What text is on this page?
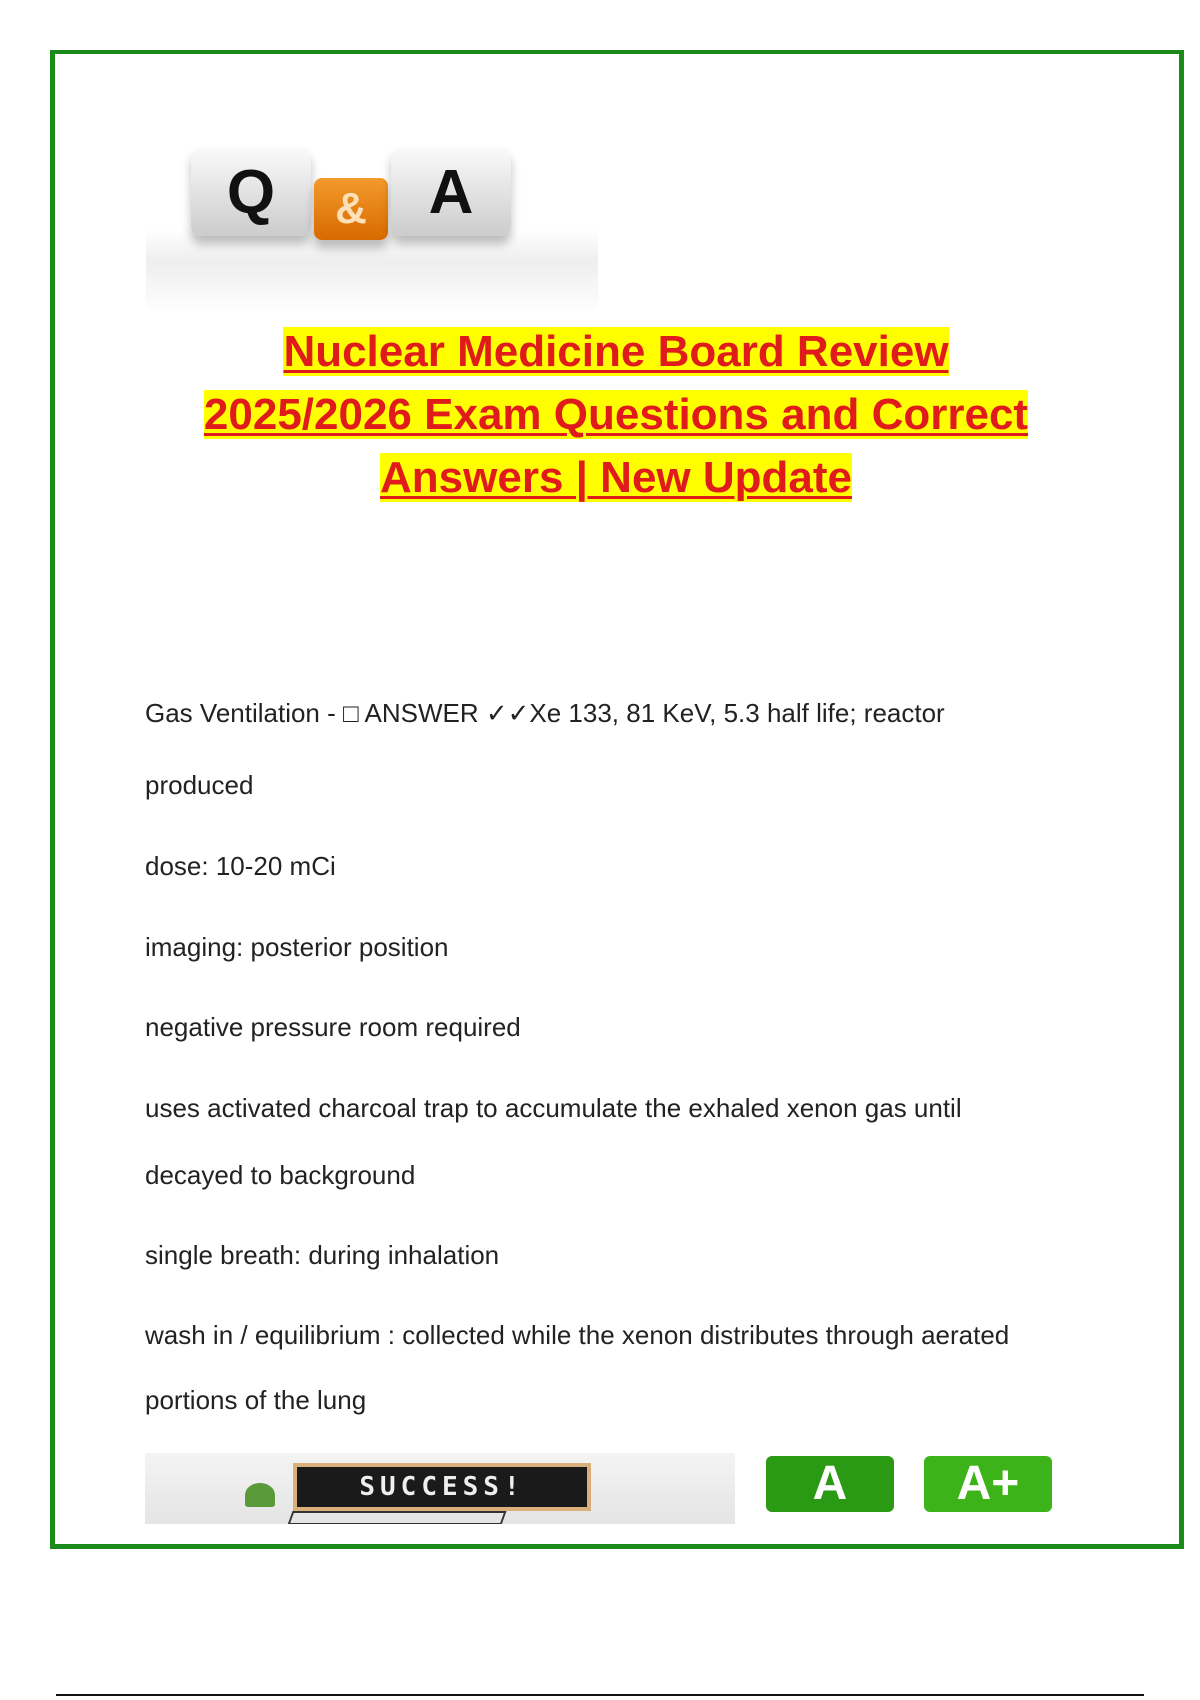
Q & A
Nuclear Medicine Board Review
2025/2026 Exam Questions and Correct
Answers | New Update
Gas Ventilation - □ ANSWER ✓✓Xe 133, 81 KeV, 5.3 half life; reactor
produced
dose: 10-20 mCi
imaging: posterior position
negative pressure room required
uses activated charcoal trap to accumulate the exhaled xenon gas until
decayed to background
single breath: during inhalation
wash in / equilibrium : collected while the xenon distributes through aerated
portions of the lung
SUCCESS!	A	A+
